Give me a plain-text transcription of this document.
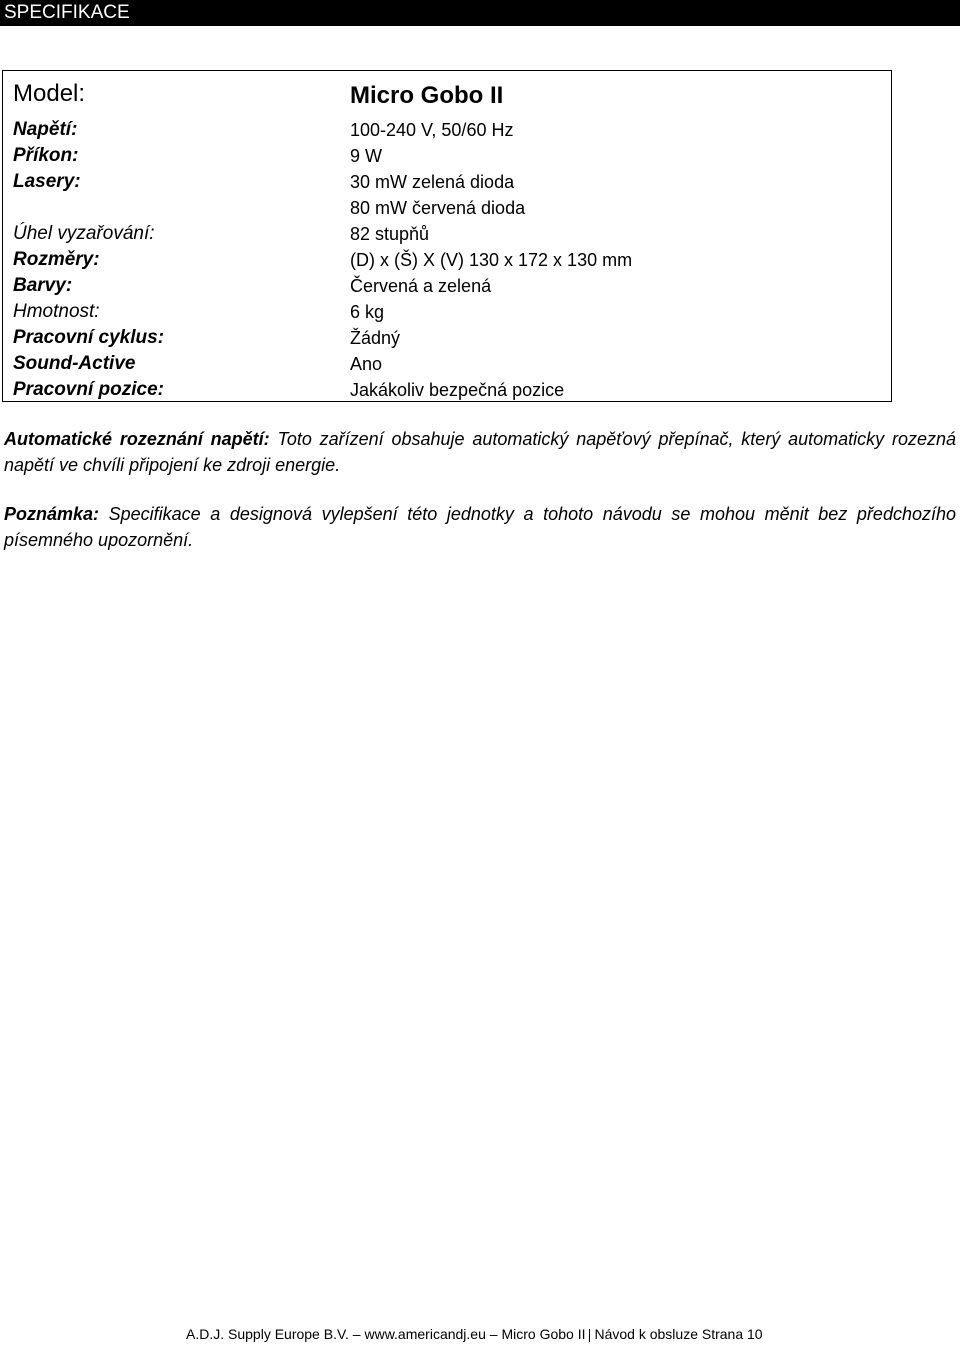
SPECIFIKACE
Model:	Micro Gobo II
Napětí:	100-240 V, 50/60 Hz
Příkon:	9 W
Lasery:	30 mW zelená dioda
80 mW červená dioda
Úhel vyzařování:	82 stupňů
Rozměry:	(D) x (Š) X (V) 130 x 172 x 130 mm
Barvy:	Červená a zelená
Hmotnost:	6 kg
Pracovní cyklus:	Žádný
Sound-Active	Ano
Pracovní pozice:	Jakákoliv bezpečná pozice
Automatické rozeznání napětí: Toto zařízení obsahuje automatický napěťový přepínač, který automaticky rozezná napětí ve chvíli připojení ke zdroji energie.
Poznámka: Specifikace a designová vylepšení této jednotky a tohoto návodu se mohou měnit bez předchozího písemného upozornění.
A.D.J. Supply Europe B.V. – www.americandj.eu – Micro Gobo II Návod k obsluze Strana 10
